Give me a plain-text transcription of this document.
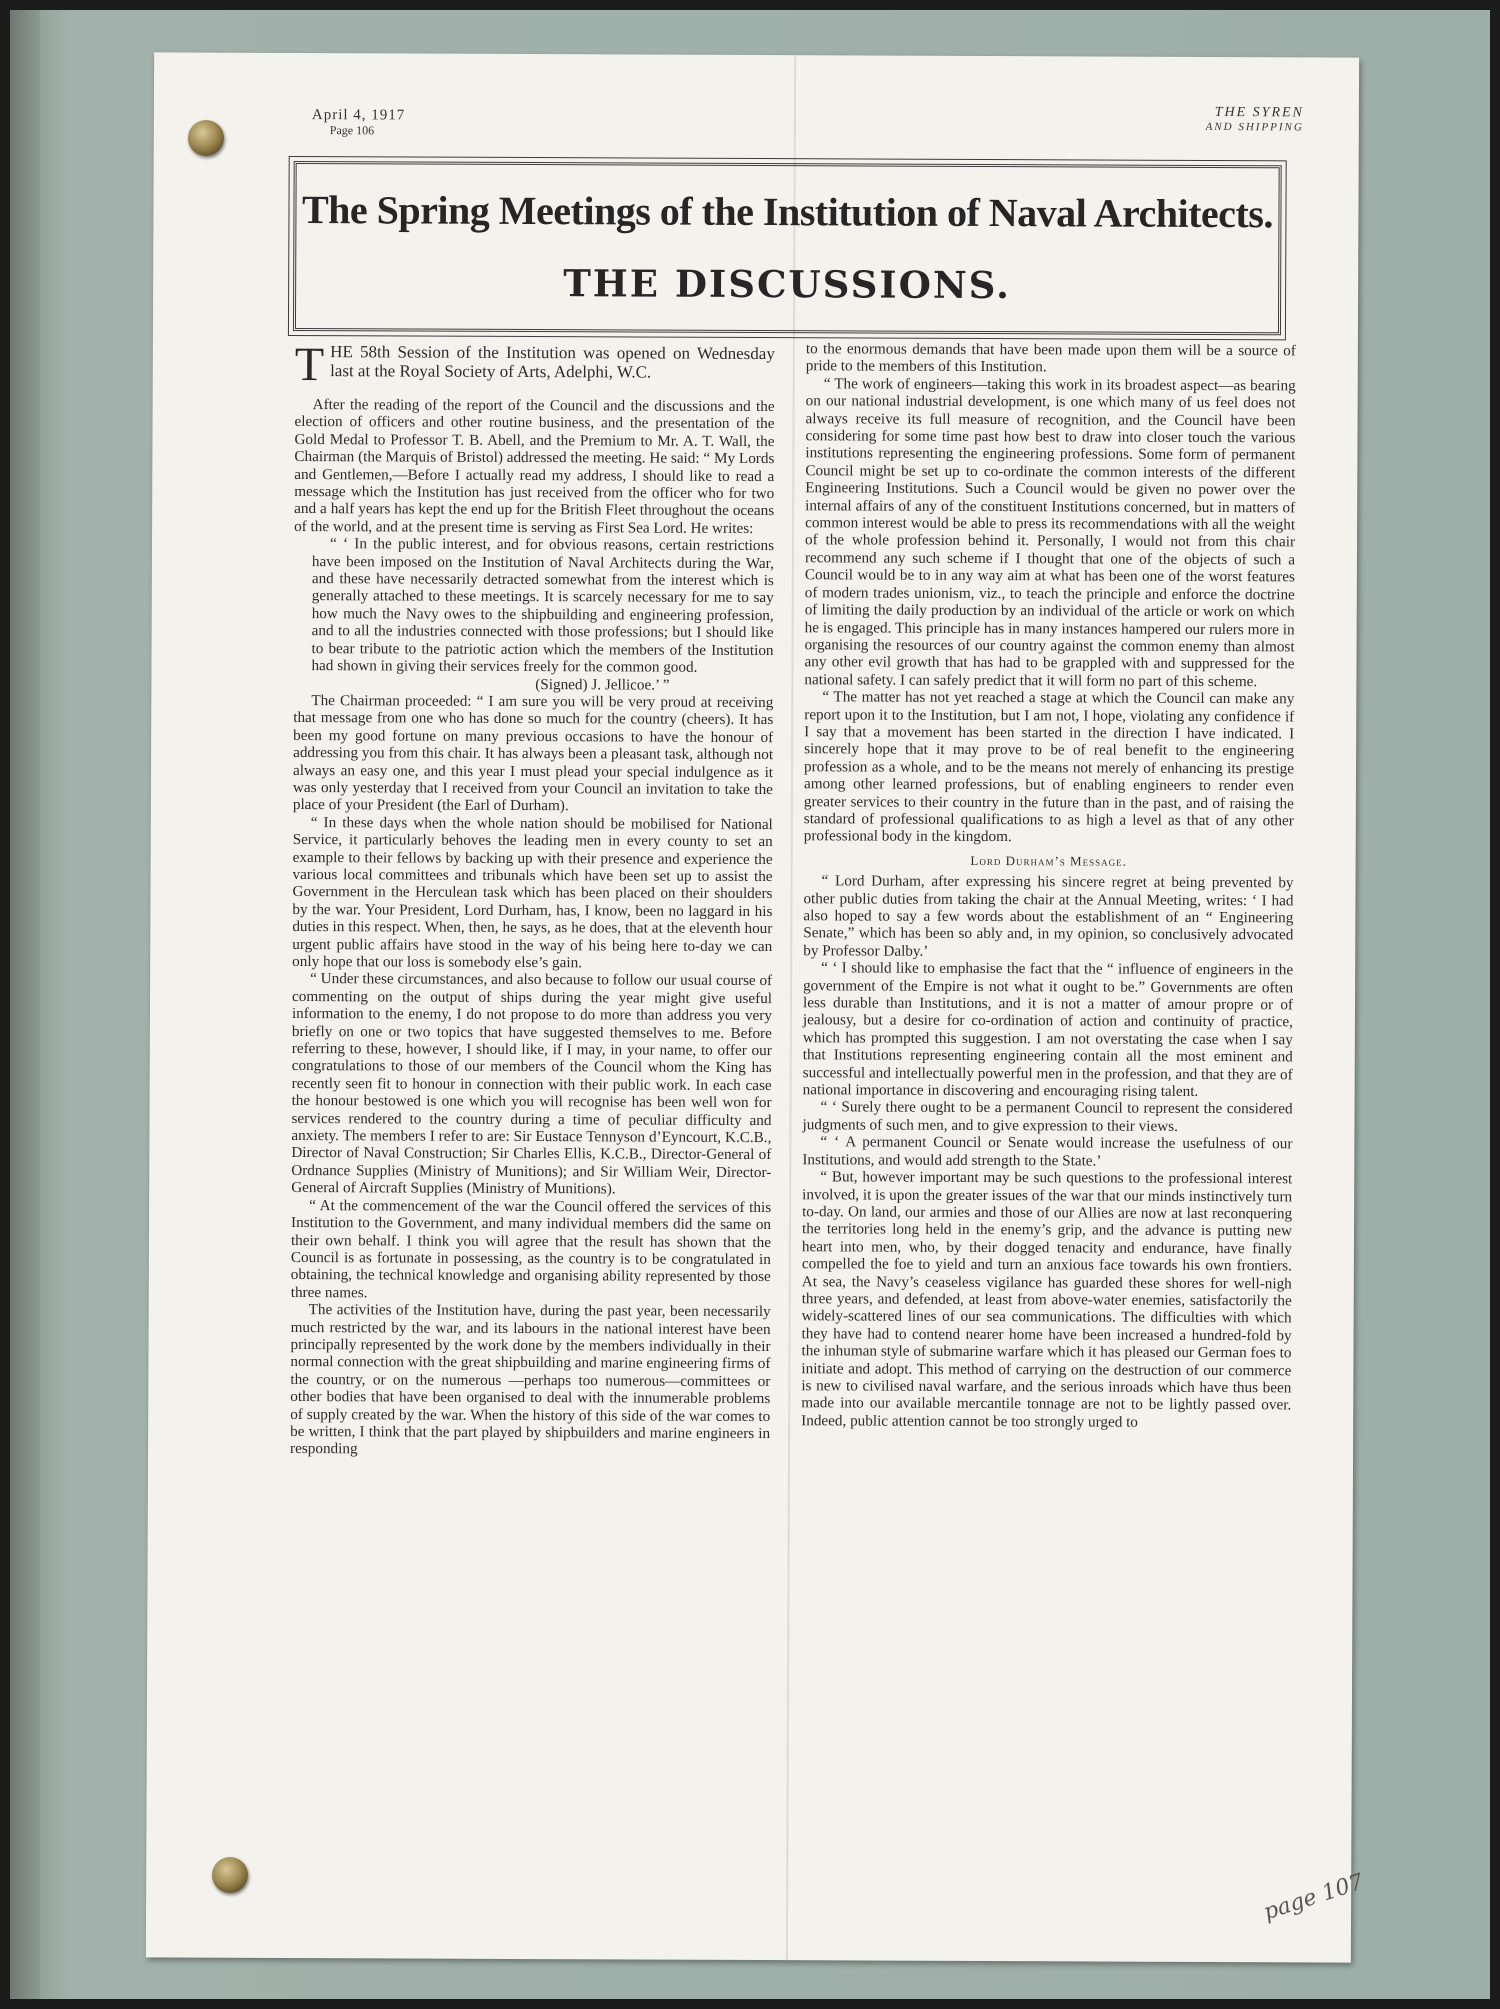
April 4, 1917
Page 106
THE SYREN
AND SHIPPING
The Spring Meetings of the Institution of Naval Architects.
THE DISCUSSIONS.
T HE 58th Session of the Institution was opened on Wednesday last at the Royal Society of Arts, Adelphi, W.C.

After the reading of the report of the Council and the discussions and the election of officers and other routine business, and the presentation of the Gold Medal to Professor T. B. Abell, and the Premium to Mr. A. T. Wall, the Chairman (the Marquis of Bristol) addressed the meeting. He said: “ My Lords and Gentlemen,—Before I actually read my address, I should like to read a message which the Institution has just received from the officer who for two and a half years has kept the end up for the British Fleet throughout the oceans of the world, and at the present time is serving as First Sea Lord. He writes:

“ ‘ In the public interest, and for obvious reasons, certain restrictions have been imposed on the Institution of Naval Architects during the War, and these have necessarily detracted somewhat from the interest which is generally attached to these meetings. It is scarcely necessary for me to say how much the Navy owes to the shipbuilding and engineering profession, and to all the industries connected with those professions; but I should like to bear tribute to the patriotic action which the members of the Institution had shown in giving their services freely for the common good.

(Signed) J. Jellicoe.’ ”

The Chairman proceeded: “ I am sure you will be very proud at receiving that message from one who has done so much for the country (cheers). It has been my good fortune on many previous occasions to have the honour of addressing you from this chair. It has always been a pleasant task, although not always an easy one, and this year I must plead your special indulgence as it was only yesterday that I received from your Council an invitation to take the place of your President (the Earl of Durham).

“ In these days when the whole nation should be mobilised for National Service, it particularly behoves the leading men in every county to set an example to their fellows by backing up with their presence and experience the various local committees and tribunals which have been set up to assist the Government in the Herculean task which has been placed on their shoulders by the war. Your President, Lord Durham, has, I know, been no laggard in his duties in this respect. When, then, he says, as he does, that at the eleventh hour urgent public affairs have stood in the way of his being here to-day we can only hope that our loss is somebody else’s gain.

“ Under these circumstances, and also because to follow our usual course of commenting on the output of ships during the year might give useful information to the enemy, I do not propose to do more than address you very briefly on one or two topics that have suggested themselves to me. Before referring to these, however, I should like, if I may, in your name, to offer our congratulations to those of our members of the Council whom the King has recently seen fit to honour in connection with their public work. In each case the honour bestowed is one which you will recognise has been well won for services rendered to the country during a time of peculiar difficulty and anxiety. The members I refer to are: Sir Eustace Tennyson d’Eyncourt, K.C.B., Director of Naval Construction; Sir Charles Ellis, K.C.B., Director-General of Ordnance Supplies (Ministry of Munitions); and Sir William Weir, Director-General of Aircraft Supplies (Ministry of Munitions).

“ At the commencement of the war the Council offered the services of this Institution to the Government, and many individual members did the same on their own behalf. I think you will agree that the result has shown that the Council is as fortunate in possessing, as the country is to be congratulated in obtaining, the technical knowledge and organising ability represented by those three names.

The activities of the Institution have, during the past year, been necessarily much restricted by the war, and its labours in the national interest have been principally represented by the work done by the members individually in their normal connection with the great shipbuilding and marine engineering firms of the country, or on the numerous —perhaps too numerous—committees or other bodies that have been organised to deal with the innumerable problems of supply created by the war. When the history of this side of the war comes to be written, I think that the part played by shipbuilders and marine engineers in responding

to the enormous demands that have been made upon them will be a source of pride to the members of this Institution.

“ The work of engineers—taking this work in its broadest aspect—as bearing on our national industrial development, is one which many of us feel does not always receive its full measure of recognition, and the Council have been considering for some time past how best to draw into closer touch the various institutions representing the engineering professions. Some form of permanent Council might be set up to co-ordinate the common interests of the different Engineering Institutions. Such a Council would be given no power over the internal affairs of any of the constituent Institutions concerned, but in matters of common interest would be able to press its recommendations with all the weight of the whole profession behind it. Personally, I would not from this chair recommend any such scheme if I thought that one of the objects of such a Council would be to in any way aim at what has been one of the worst features of modern trades unionism, viz., to teach the principle and enforce the doctrine of limiting the daily production by an individual of the article or work on which he is engaged. This principle has in many instances hampered our rulers more in organising the resources of our country against the common enemy than almost any other evil growth that has had to be grappled with and suppressed for the national safety. I can safely predict that it will form no part of this scheme.

“ The matter has not yet reached a stage at which the Council can make any report upon it to the Institution, but I am not, I hope, violating any confidence if I say that a movement has been started in the direction I have indicated. I sincerely hope that it may prove to be of real benefit to the engineering profession as a whole, and to be the means not merely of enhancing its prestige among other learned professions, but of enabling engineers to render even greater services to their country in the future than in the past, and of raising the standard of professional qualifications to as high a level as that of any other professional body in the kingdom.

Lord Durham’s Message.

“ Lord Durham, after expressing his sincere regret at being prevented by other public duties from taking the chair at the Annual Meeting, writes: ‘ I had also hoped to say a few words about the establishment of an “ Engineering Senate,” which has been so ably and, in my opinion, so conclusively advocated by Professor Dalby.’

“ ‘ I should like to emphasise the fact that the “ influence of engineers in the government of the Empire is not what it ought to be.” Governments are often less durable than Institutions, and it is not a matter of amour propre or of jealousy, but a desire for co-ordination of action and continuity of practice, which has prompted this suggestion. I am not overstating the case when I say that Institutions representing engineering contain all the most eminent and successful and intellectually powerful men in the profession, and that they are of national importance in discovering and encouraging rising talent.

“ ‘ Surely there ought to be a permanent Council to represent the considered judgments of such men, and to give expression to their views.

“ ‘ A permanent Council or Senate would increase the usefulness of our Institutions, and would add strength to the State.’

“ But, however important may be such questions to the professional interest involved, it is upon the greater issues of the war that our minds instinctively turn to-day. On land, our armies and those of our Allies are now at last reconquering the territories long held in the enemy’s grip, and the advance is putting new heart into men, who, by their dogged tenacity and endurance, have finally compelled the foe to yield and turn an anxious face towards his own frontiers. At sea, the Navy’s ceaseless vigilance has guarded these shores for well-nigh three years, and defended, at least from above-water enemies, satisfactorily the widely-scattered lines of our sea communications. The difficulties with which they have had to contend nearer home have been increased a hundred-fold by the inhuman style of submarine warfare which it has pleased our German foes to initiate and adopt. This method of carrying on the destruction of our commerce is new to civilised naval warfare, and the serious inroads which have thus been made into our available mercantile tonnage are not to be lightly passed over. Indeed, public attention cannot be too strongly urged to

page 107
